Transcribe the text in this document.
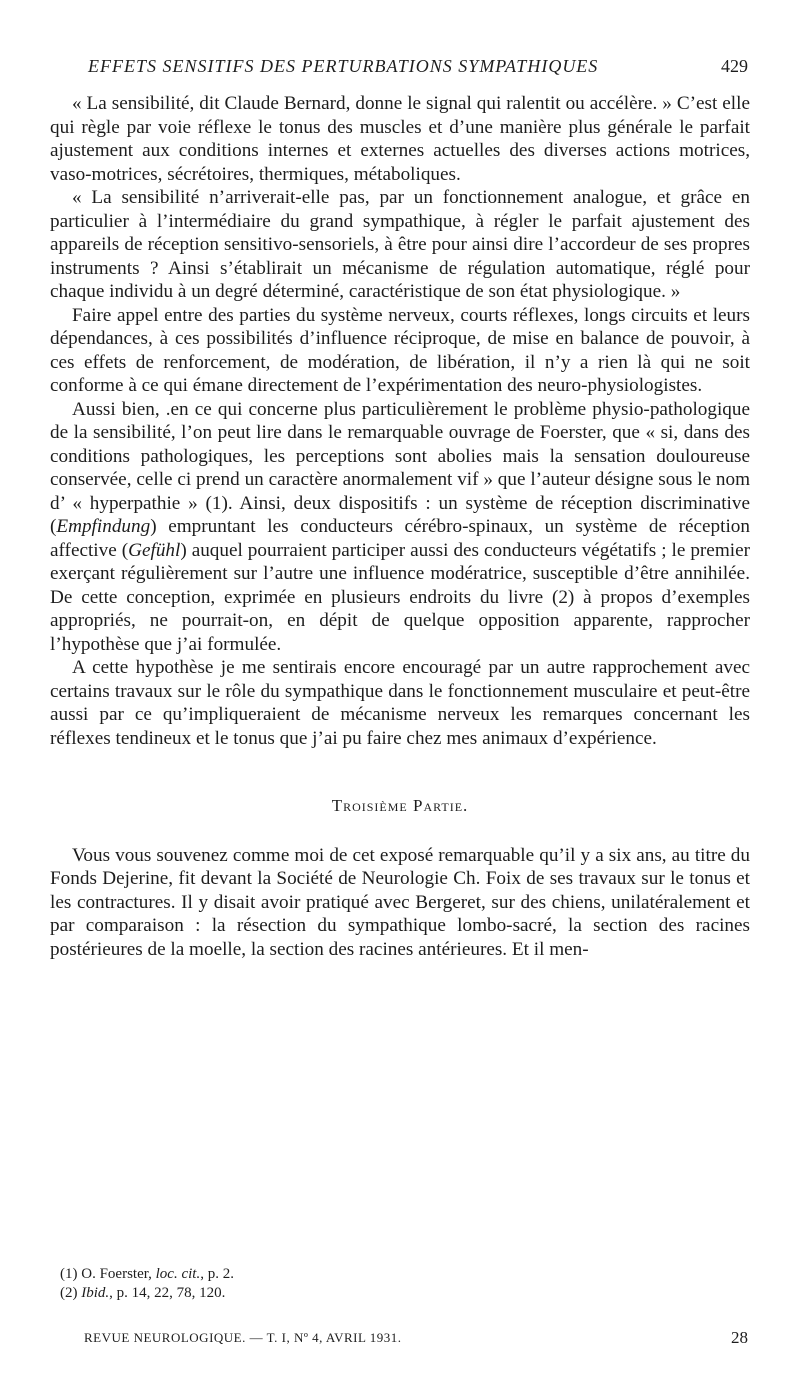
EFFETS SENSITIFS DES PERTURBATIONS SYMPATHIQUES	429

« La sensibilité, dit Claude Bernard, donne le signal qui ralentit ou accélère. » C’est elle qui règle par voie réflexe le tonus des muscles et d’une manière plus générale le parfait ajustement aux conditions internes et externes actuelles des diverses actions motrices, vaso-motrices, sécrétoires, thermiques, métaboliques.

« La sensibilité n’arriverait-elle pas, par un fonctionnement analogue, et grâce en particulier à l’intermédiaire du grand sympathique, à régler le parfait ajustement des appareils de réception sensitivo-sensoriels, à être pour ainsi dire l’accordeur de ses propres instruments ? Ainsi s’établirait un mécanisme de régulation automatique, réglé pour chaque individu à un degré déterminé, caractéristique de son état physiologique. »

Faire appel entre des parties du système nerveux, courts réflexes, longs circuits et leurs dépendances, à ces possibilités d’influence réciproque, de mise en balance de pouvoir, à ces effets de renforcement, de modération, de libération, il n’y a rien là qui ne soit conforme à ce qui émane directement de l’expérimentation des neuro-physiologistes.

Aussi bien, .en ce qui concerne plus particulièrement le problème physio-pathologique de la sensibilité, l’on peut lire dans le remarquable ouvrage de Foerster, que « si, dans des conditions pathologiques, les perceptions sont abolies mais la sensation douloureuse conservée, celle ci prend un caractère anormalement vif » que l’auteur désigne sous le nom d’ « hyperpathie » (1). Ainsi, deux dispositifs : un système de réception discriminative (Empfindung) empruntant les conducteurs cérébro-spinaux, un système de réception affective (Gefühl) auquel pourraient participer aussi des conducteurs végétatifs ; le premier exerçant régulièrement sur l’autre une influence modératrice, susceptible d’être annihilée. De cette conception, exprimée en plusieurs endroits du livre (2) à propos d’exemples appropriés, ne pourrait-on, en dépit de quelque opposition apparente, rapprocher l’hypothèse que j’ai formulée.

A cette hypothèse je me sentirais encore encouragé par un autre rapprochement avec certains travaux sur le rôle du sympathique dans le fonctionnement musculaire et peut-être aussi par ce qu’impliqueraient de mécanisme nerveux les remarques concernant les réflexes tendineux et le tonus que j’ai pu faire chez mes animaux d’expérience.

Troisième Partie.

Vous vous souvenez comme moi de cet exposé remarquable qu’il y a six ans, au titre du Fonds Dejerine, fit devant la Société de Neurologie Ch. Foix de ses travaux sur le tonus et les contractures. Il y disait avoir pratiqué avec Bergeret, sur des chiens, unilatéralement et par comparaison : la résection du sympathique lombo-sacré, la section des racines postérieures de la moelle, la section des racines antérieures. Et il men-

(1) O. Foerster, loc. cit., p. 2.
(2) Ibid., p. 14, 22, 78, 120.
REVUE NEUROLOGIQUE. — T. I, Nº 4, AVRIL 1931.	28
